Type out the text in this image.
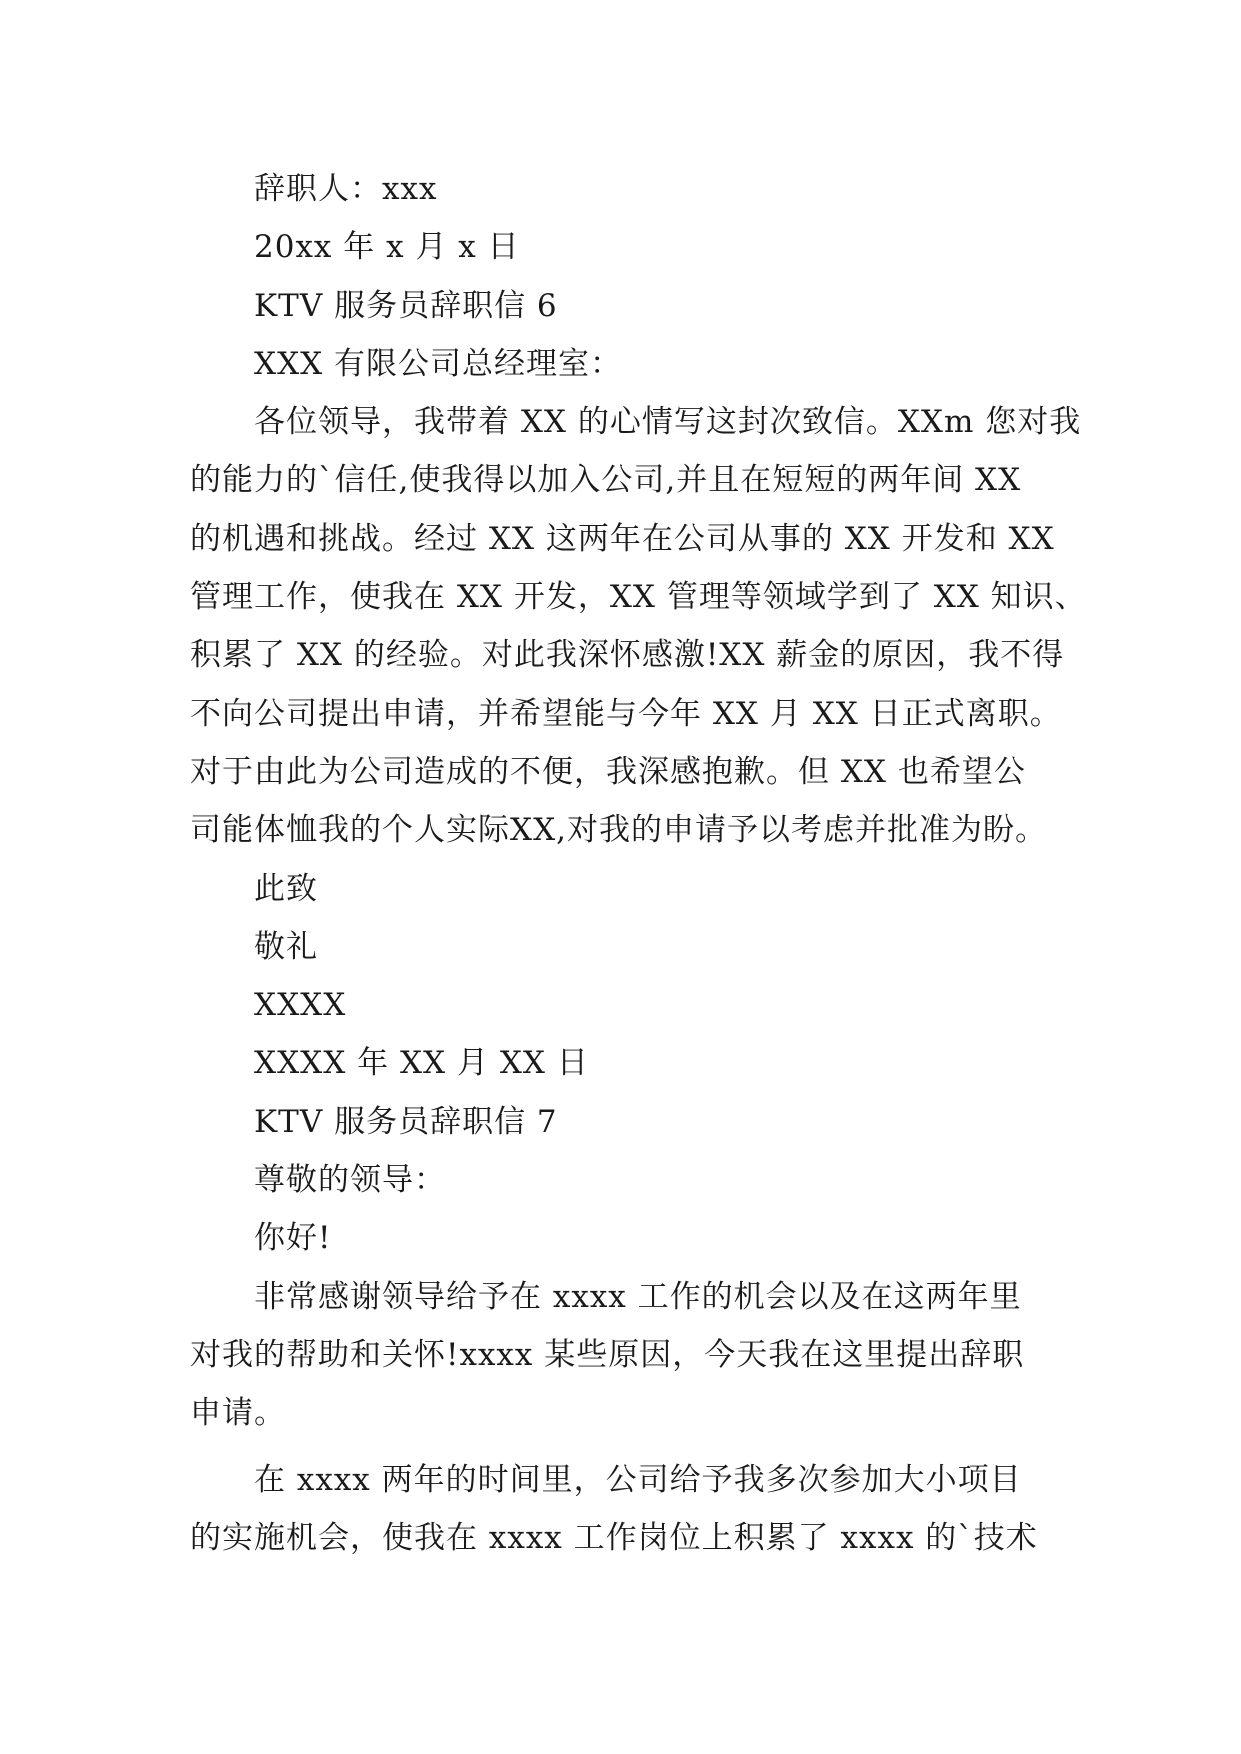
辞职人：xxx
20xx 年 x 月 x 日
KTV 服务员辞职信 6
XXX 有限公司总经理室：
各位领导，我带着 XX 的心情写这封次致信。XXm 您对我
的能力的`信任,使我得以加入公司,并且在短短的两年间 XX
的机遇和挑战。经过 XX 这两年在公司从事的 XX 开发和 XX
管理工作，使我在 XX 开发，XX 管理等领域学到了 XX 知识、
积累了 XX 的经验。对此我深怀感激!XX 薪金的原因，我不得
不向公司提出申请，并希望能与今年 XX 月 XX 日正式离职。
对于由此为公司造成的不便，我深感抱歉。但 XX 也希望公
司能体恤我的个人实际XX,对我的申请予以考虑并批准为盼。
此致
敬礼
XXXX
XXXX 年 XX 月 XX 日
KTV 服务员辞职信 7
尊敬的领导：
你好!
非常感谢领导给予在 xxxx 工作的机会以及在这两年里
对我的帮助和关怀!xxxx 某些原因，今天我在这里提出辞职
申请。
在 xxxx 两年的时间里，公司给予我多次参加大小项目
的实施机会，使我在 xxxx 工作岗位上积累了 xxxx 的`技术
